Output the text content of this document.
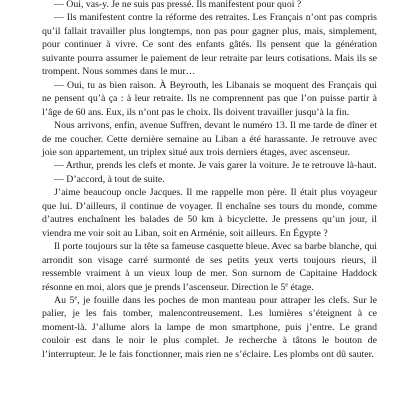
— Oui, vas-y. Je ne suis pas pressé. Ils manifestent pour quoi ?

— Ils manifestent contre la réforme des retraites. Les Français n’ont pas compris qu’il fallait travailler plus longtemps, non pas pour gagner plus, mais, simplement, pour continuer à vivre. Ce sont des enfants gâtés. Ils pensent que la génération suivante pourra assumer le paiement de leur retraite par leurs cotisations. Mais ils se trompent. Nous sommes dans le mur…

— Oui, tu as bien raison. À Beyrouth, les Libanais se moquent des Français qui ne pensent qu’à ça : à leur retraite. Ils ne comprennent pas que l’on puisse partir à l’âge de 60 ans. Eux, ils n’ont pas le choix. Ils doivent travailler jusqu’à la fin.

Nous arrivons, enfin, avenue Suffren, devant le numéro 13. Il me tarde de dîner et de me coucher. Cette dernière semaine au Liban a été harassante. Je retrouve avec joie son appartement, un triplex situé aux trois derniers étages, avec ascenseur.

— Arthur, prends les clefs et monte. Je vais garer la voiture. Je te retrouve là-haut.

— D’accord, à tout de suite.

J’aime beaucoup oncle Jacques. Il me rappelle mon père. Il était plus voyageur que lui. D’ailleurs, il continue de voyager. Il enchaîne ses tours du monde, comme d’autres enchaînent les balades de 50 km à bicyclette. Je pressens qu’un jour, il viendra me voir soit au Liban, soit en Arménie, soit ailleurs. En Égypte ?

Il porte toujours sur la tête sa fameuse casquette bleue. Avec sa barbe blanche, qui arrondit son visage carré surmonté de ses petits yeux verts toujours rieurs, il ressemble vraiment à un vieux loup de mer. Son surnom de Capitaine Haddock résonne en moi, alors que je prends l’ascenseur. Direction le 5e étage.

Au 5e, je fouille dans les poches de mon manteau pour attraper les clefs. Sur le palier, je les fais tomber, malencontreusement. Les lumières s’éteignent à ce moment-là. J’allume alors la lampe de mon smartphone, puis j’entre. Le grand couloir est dans le noir le plus complet. Je recherche à tâtons le bouton de l’interrupteur. Je le fais fonctionner, mais rien ne s’éclaire. Les plombs ont dû sauter.
